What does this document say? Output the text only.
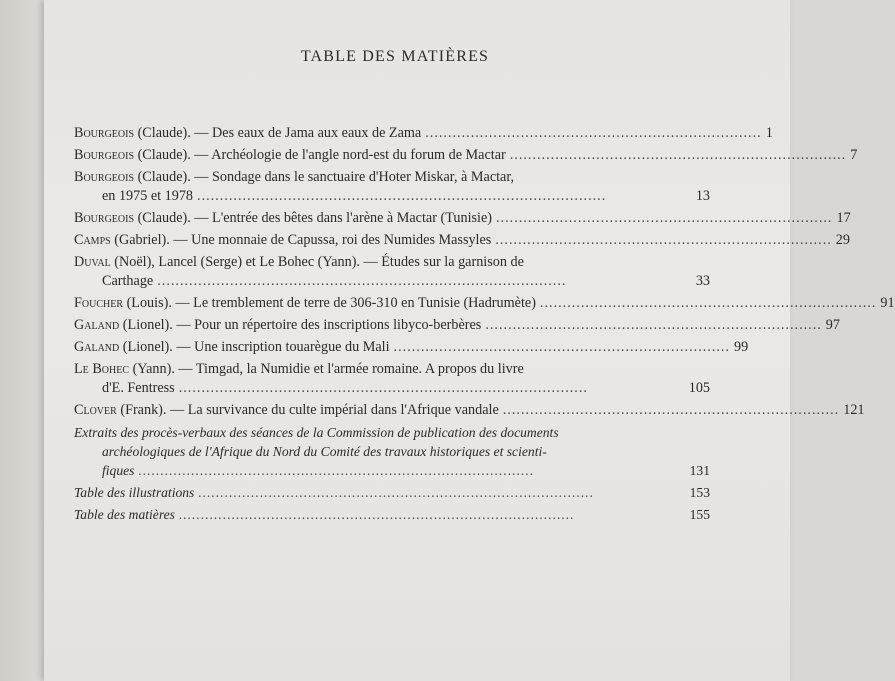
TABLE DES MATIÈRES
Bourgeois (Claude). — Des eaux de Jama aux eaux de Zama .......................................................................... 1
Bourgeois (Claude). — Archéologie de l'angle nord-est du forum de Mactar .......................................................................... 7
Bourgeois (Claude). — Sondage dans le sanctuaire d'Hoter Miskar, à Mactar,
en 1975 et 1978 ..........................................................................................	13
Bourgeois (Claude). — L'entrée des bêtes dans l'arène à Mactar (Tunisie) .......................................................................... 17
Camps (Gabriel). — Une monnaie de Capussa, roi des Numides Massyles .......................................................................... 29
Duval (Noël), Lancel (Serge) et Le Bohec (Yann). — Études sur la garnison de
Carthage ..........................................................................................	33
Foucher (Louis). — Le tremblement de terre de 306-310 en Tunisie (Hadrumète) .......................................................................... 91
Galand (Lionel). — Pour un répertoire des inscriptions libyco-berbères .......................................................................... 97
Galand (Lionel). — Une inscription touarègue du Mali .......................................................................... 99
Le Bohec (Yann). — Timgad, la Numidie et l'armée romaine. A propos du livre
d'E. Fentress ..........................................................................................	105
Clover (Frank). — La survivance du culte impérial dans l'Afrique vandale .......................................................................... 121
Extraits des procès-verbaux des séances de la Commission de publication des documents
archéologiques de l'Afrique du Nord du Comité des travaux historiques et scienti-
fiques ..........................................................................................	131
Table des illustrations ..........................................................................................	153
Table des matières ..........................................................................................	155
